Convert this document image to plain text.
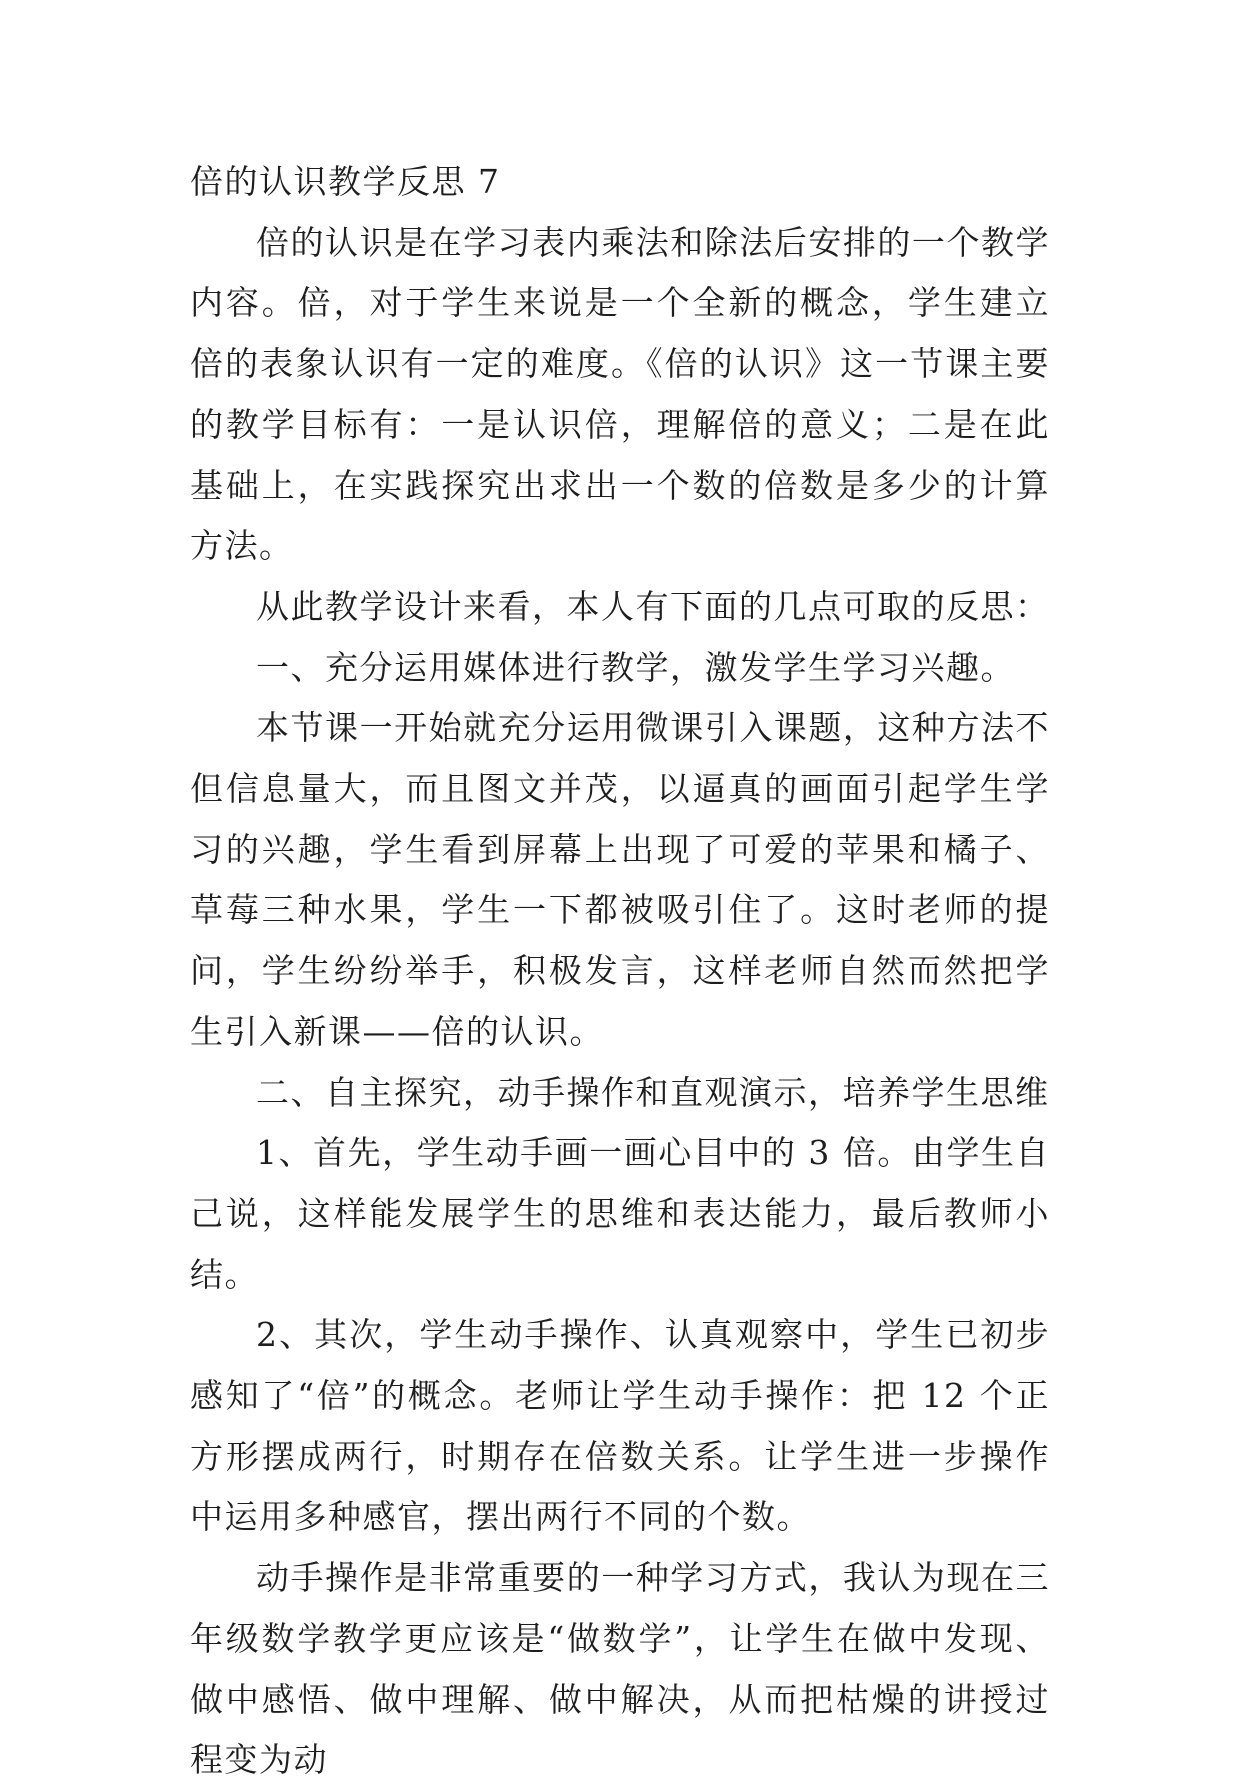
倍的认识教学反思 7

倍的认识是在学习表内乘法和除法后安排的一个教学内容。倍，对于学生来说是一个全新的概念，学生建立倍的表象认识有一定的难度。《倍的认识》这一节课主要的教学目标有：一是认识倍，理解倍的意义；二是在此基础上，在实践探究出求出一个数的倍数是多少的计算方法。

从此教学设计来看，本人有下面的几点可取的反思：

一、充分运用媒体进行教学，激发学生学习兴趣。

本节课一开始就充分运用微课引入课题，这种方法不但信息量大，而且图文并茂，以逼真的画面引起学生学习的兴趣，学生看到屏幕上出现了可爱的苹果和橘子、草莓三种水果，学生一下都被吸引住了。这时老师的提问，学生纷纷举手，积极发言，这样老师自然而然把学生引入新课——倍的认识。

二、自主探究，动手操作和直观演示，培养学生思维

1、首先，学生动手画一画心目中的 3 倍。由学生自己说，这样能发展学生的思维和表达能力，最后教师小结。

2、其次，学生动手操作、认真观察中，学生已初步感知了“倍”的概念。老师让学生动手操作：把 12 个正方形摆成两行，时期存在倍数关系。让学生进一步操作中运用多种感官，摆出两行不同的个数。

动手操作是非常重要的一种学习方式，我认为现在三年级数学教学更应该是“做数学”，让学生在做中发现、做中感悟、做中理解、做中解决，从而把枯燥的讲授过程变为动
